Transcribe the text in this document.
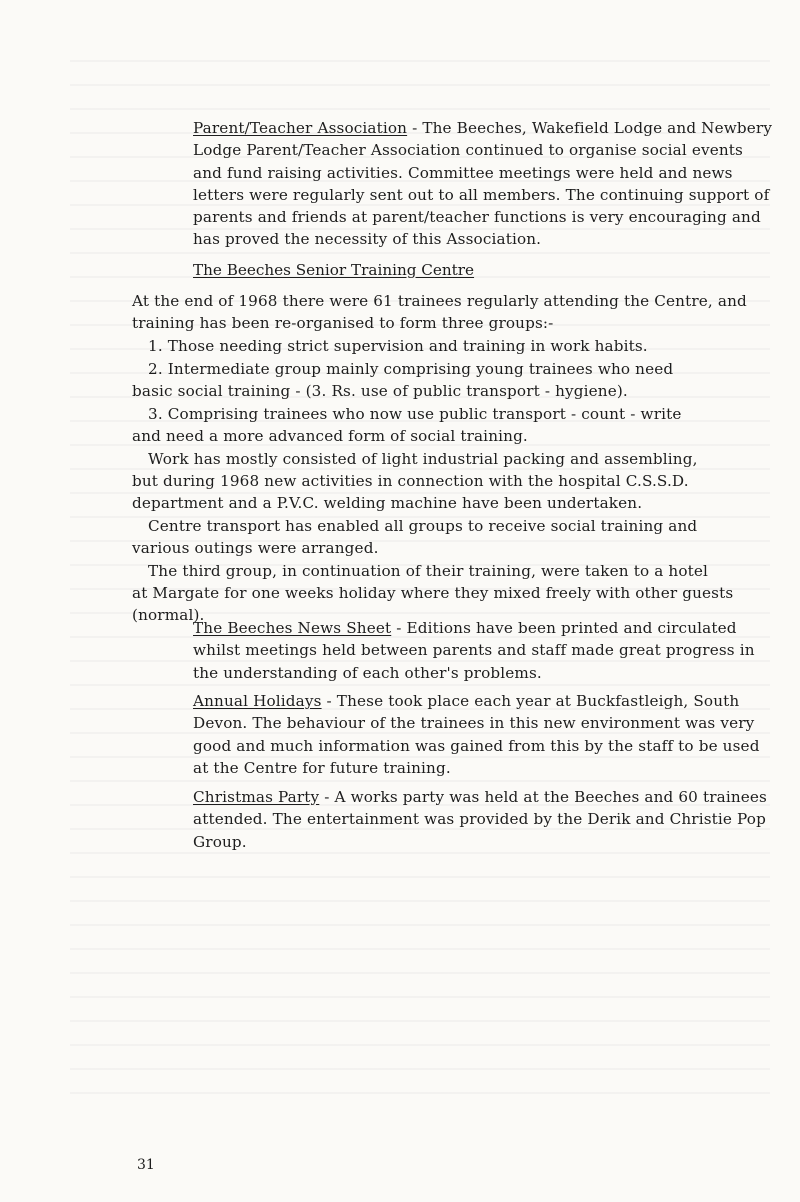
Parent/Teacher Association - The Beeches, Wakefield Lodge and Newbery Lodge Parent/Teacher Association continued to organise social events and fund raising activities. Committee meetings were held and news letters were regularly sent out to all members. The continuing support of parents and friends at parent/teacher functions is very encouraging and has proved the necessity of this Association.

The Beeches Senior Training Centre

At the end of 1968 there were 61 trainees regularly attending the Centre, and training has been re-organised to form three groups:-

1. Those needing strict supervision and training in work habits.

2. Intermediate group mainly comprising young trainees who need

basic social training - (3. Rs. use of public transport - hygiene).

3. Comprising trainees who now use public transport - count - write

and need a more advanced form of social training.

Work has mostly consisted of light industrial packing and assembling,

but during 1968 new activities in connection with the hospital C.S.S.D. department and a P.V.C. welding machine have been undertaken.

Centre transport has enabled all groups to receive social training and

various outings were arranged.

The third group, in continuation of their training, were taken to a hotel

at Margate for one weeks holiday where they mixed freely with other guests (normal).

The Beeches News Sheet - Editions have been printed and circulated whilst meetings held between parents and staff made great progress in the understanding of each other's problems.

Annual Holidays - These took place each year at Buckfastleigh, South Devon. The behaviour of the trainees in this new environment was very good and much information was gained from this by the staff to be used at the Centre for future training.

Christmas Party - A works party was held at the Beeches and 60 trainees attended. The entertainment was provided by the Derik and Christie Pop Group.

31
